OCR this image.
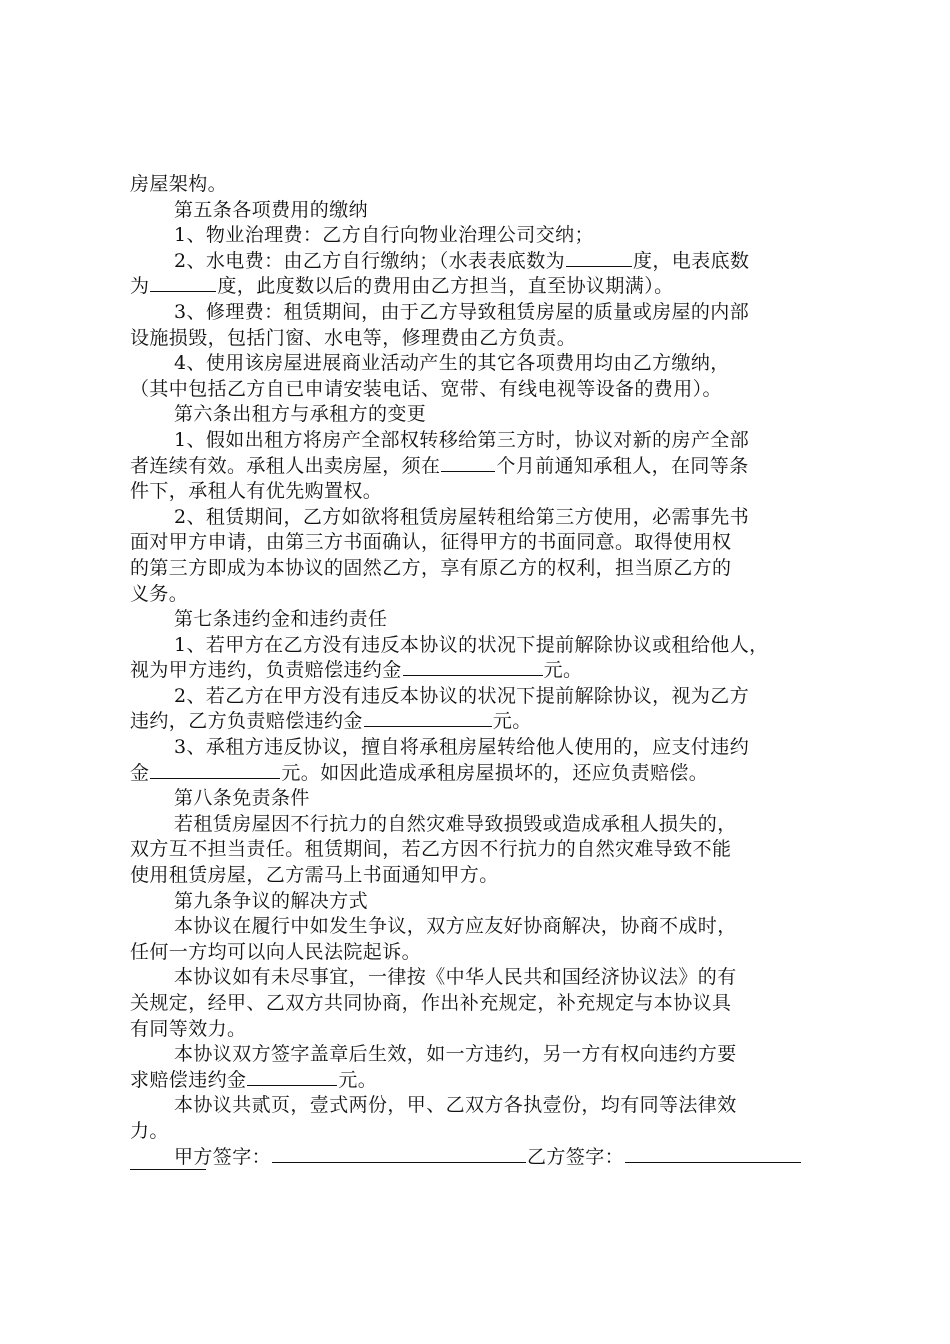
房屋架构。
第五条各项费用的缴纳
1、物业治理费：乙方自行向物业治理公司交纳；
2、水电费：由乙方自行缴纳；（水表表底数为	度，电表底数
为	度，此度数以后的费用由乙方担当，直至协议期满）。
3、修理费：租赁期间，由于乙方导致租赁房屋的质量或房屋的内部
设施损毁，包括门窗、水电等，修理费由乙方负责。
4、使用该房屋进展商业活动产生的其它各项费用均由乙方缴纳，
（其中包括乙方自已申请安装电话、宽带、有线电视等设备的费用）。
第六条出租方与承租方的变更
1、假如出租方将房产全部权转移给第三方时，协议对新的房产全部
者连续有效。承租人出卖房屋，须在	个月前通知承租人，在同等条
件下，承租人有优先购置权。
2、租赁期间，乙方如欲将租赁房屋转租给第三方使用，必需事先书
面对甲方申请，由第三方书面确认，征得甲方的书面同意。取得使用权
的第三方即成为本协议的固然乙方，享有原乙方的权利，担当原乙方的
义务。
第七条违约金和违约责任
1、若甲方在乙方没有违反本协议的状况下提前解除协议或租给他人，
视为甲方违约，负责赔偿违约金	元。
2、若乙方在甲方没有违反本协议的状况下提前解除协议，视为乙方
违约，乙方负责赔偿违约金	元。
3、承租方违反协议，擅自将承租房屋转给他人使用的，应支付违约
金	元。如因此造成承租房屋损坏的，还应负责赔偿。
第八条免责条件
若租赁房屋因不行抗力的自然灾难导致损毁或造成承租人损失的，
双方互不担当责任。租赁期间，若乙方因不行抗力的自然灾难导致不能
使用租赁房屋，乙方需马上书面通知甲方。
第九条争议的解决方式
本协议在履行中如发生争议，双方应友好协商解决，协商不成时，
任何一方均可以向人民法院起诉。
本协议如有未尽事宜，一律按《中华人民共和国经济协议法》的有
关规定，经甲、乙双方共同协商，作出补充规定，补充规定与本协议具
有同等效力。
本协议双方签字盖章后生效，如一方违约，另一方有权向违约方要
求赔偿违约金	元。
本协议共贰页，壹式两份，甲、乙双方各执壹份，均有同等法律效
力。
甲方签字：	乙方签字：
